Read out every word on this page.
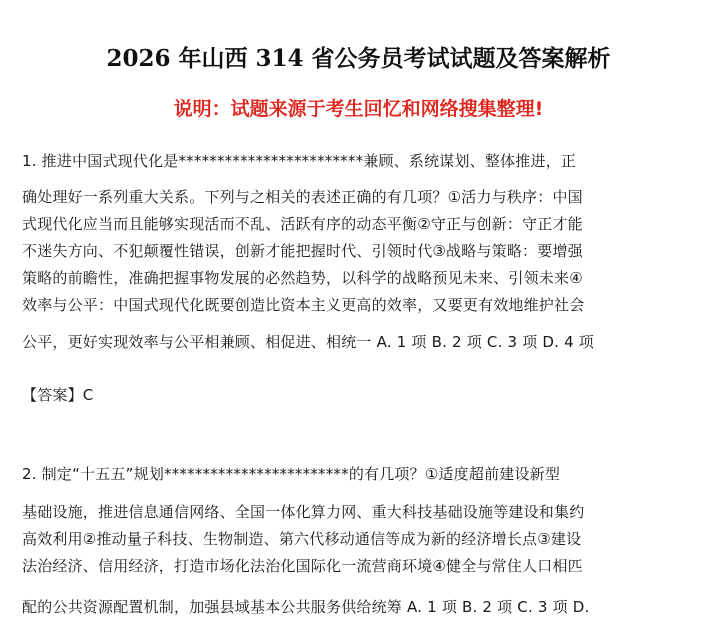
2026 年山西 314 省公务员考试试题及答案解析
说明：试题来源于考生回忆和网络搜集整理!
1. 推进中国式现代化是************************兼顾、系统谋划、整体推进，正
确处理好一系列重大关系。下列与之相关的表述正确的有几项？①活力与秩序：中国
式现代化应当而且能够实现活而不乱、活跃有序的动态平衡②守正与创新：守正才能
不迷失方向、不犯颠覆性错误，创新才能把握时代、引领时代③战略与策略：要增强
策略的前瞻性，准确把握事物发展的必然趋势，以科学的战略预见未来、引领未来④
效率与公平：中国式现代化既要创造比资本主义更高的效率，又要更有效地维护社会
公平，更好实现效率与公平相兼顾、相促进、相统一 A. 1 项 B. 2 项 C. 3 项 D. 4 项
【答案】C
2. 制定“十五五”规划************************的有几项？①适度超前建设新型
基础设施，推进信息通信网络、全国一体化算力网、重大科技基础设施等建设和集约
高效利用②推动量子科技、生物制造、第六代移动通信等成为新的经济增长点③建设
法治经济、信用经济，打造市场化法治化国际化一流营商环境④健全与常住人口相匹
配的公共资源配置机制，加强县域基本公共服务供给统筹 A. 1 项 B. 2 项 C. 3 项 D.
